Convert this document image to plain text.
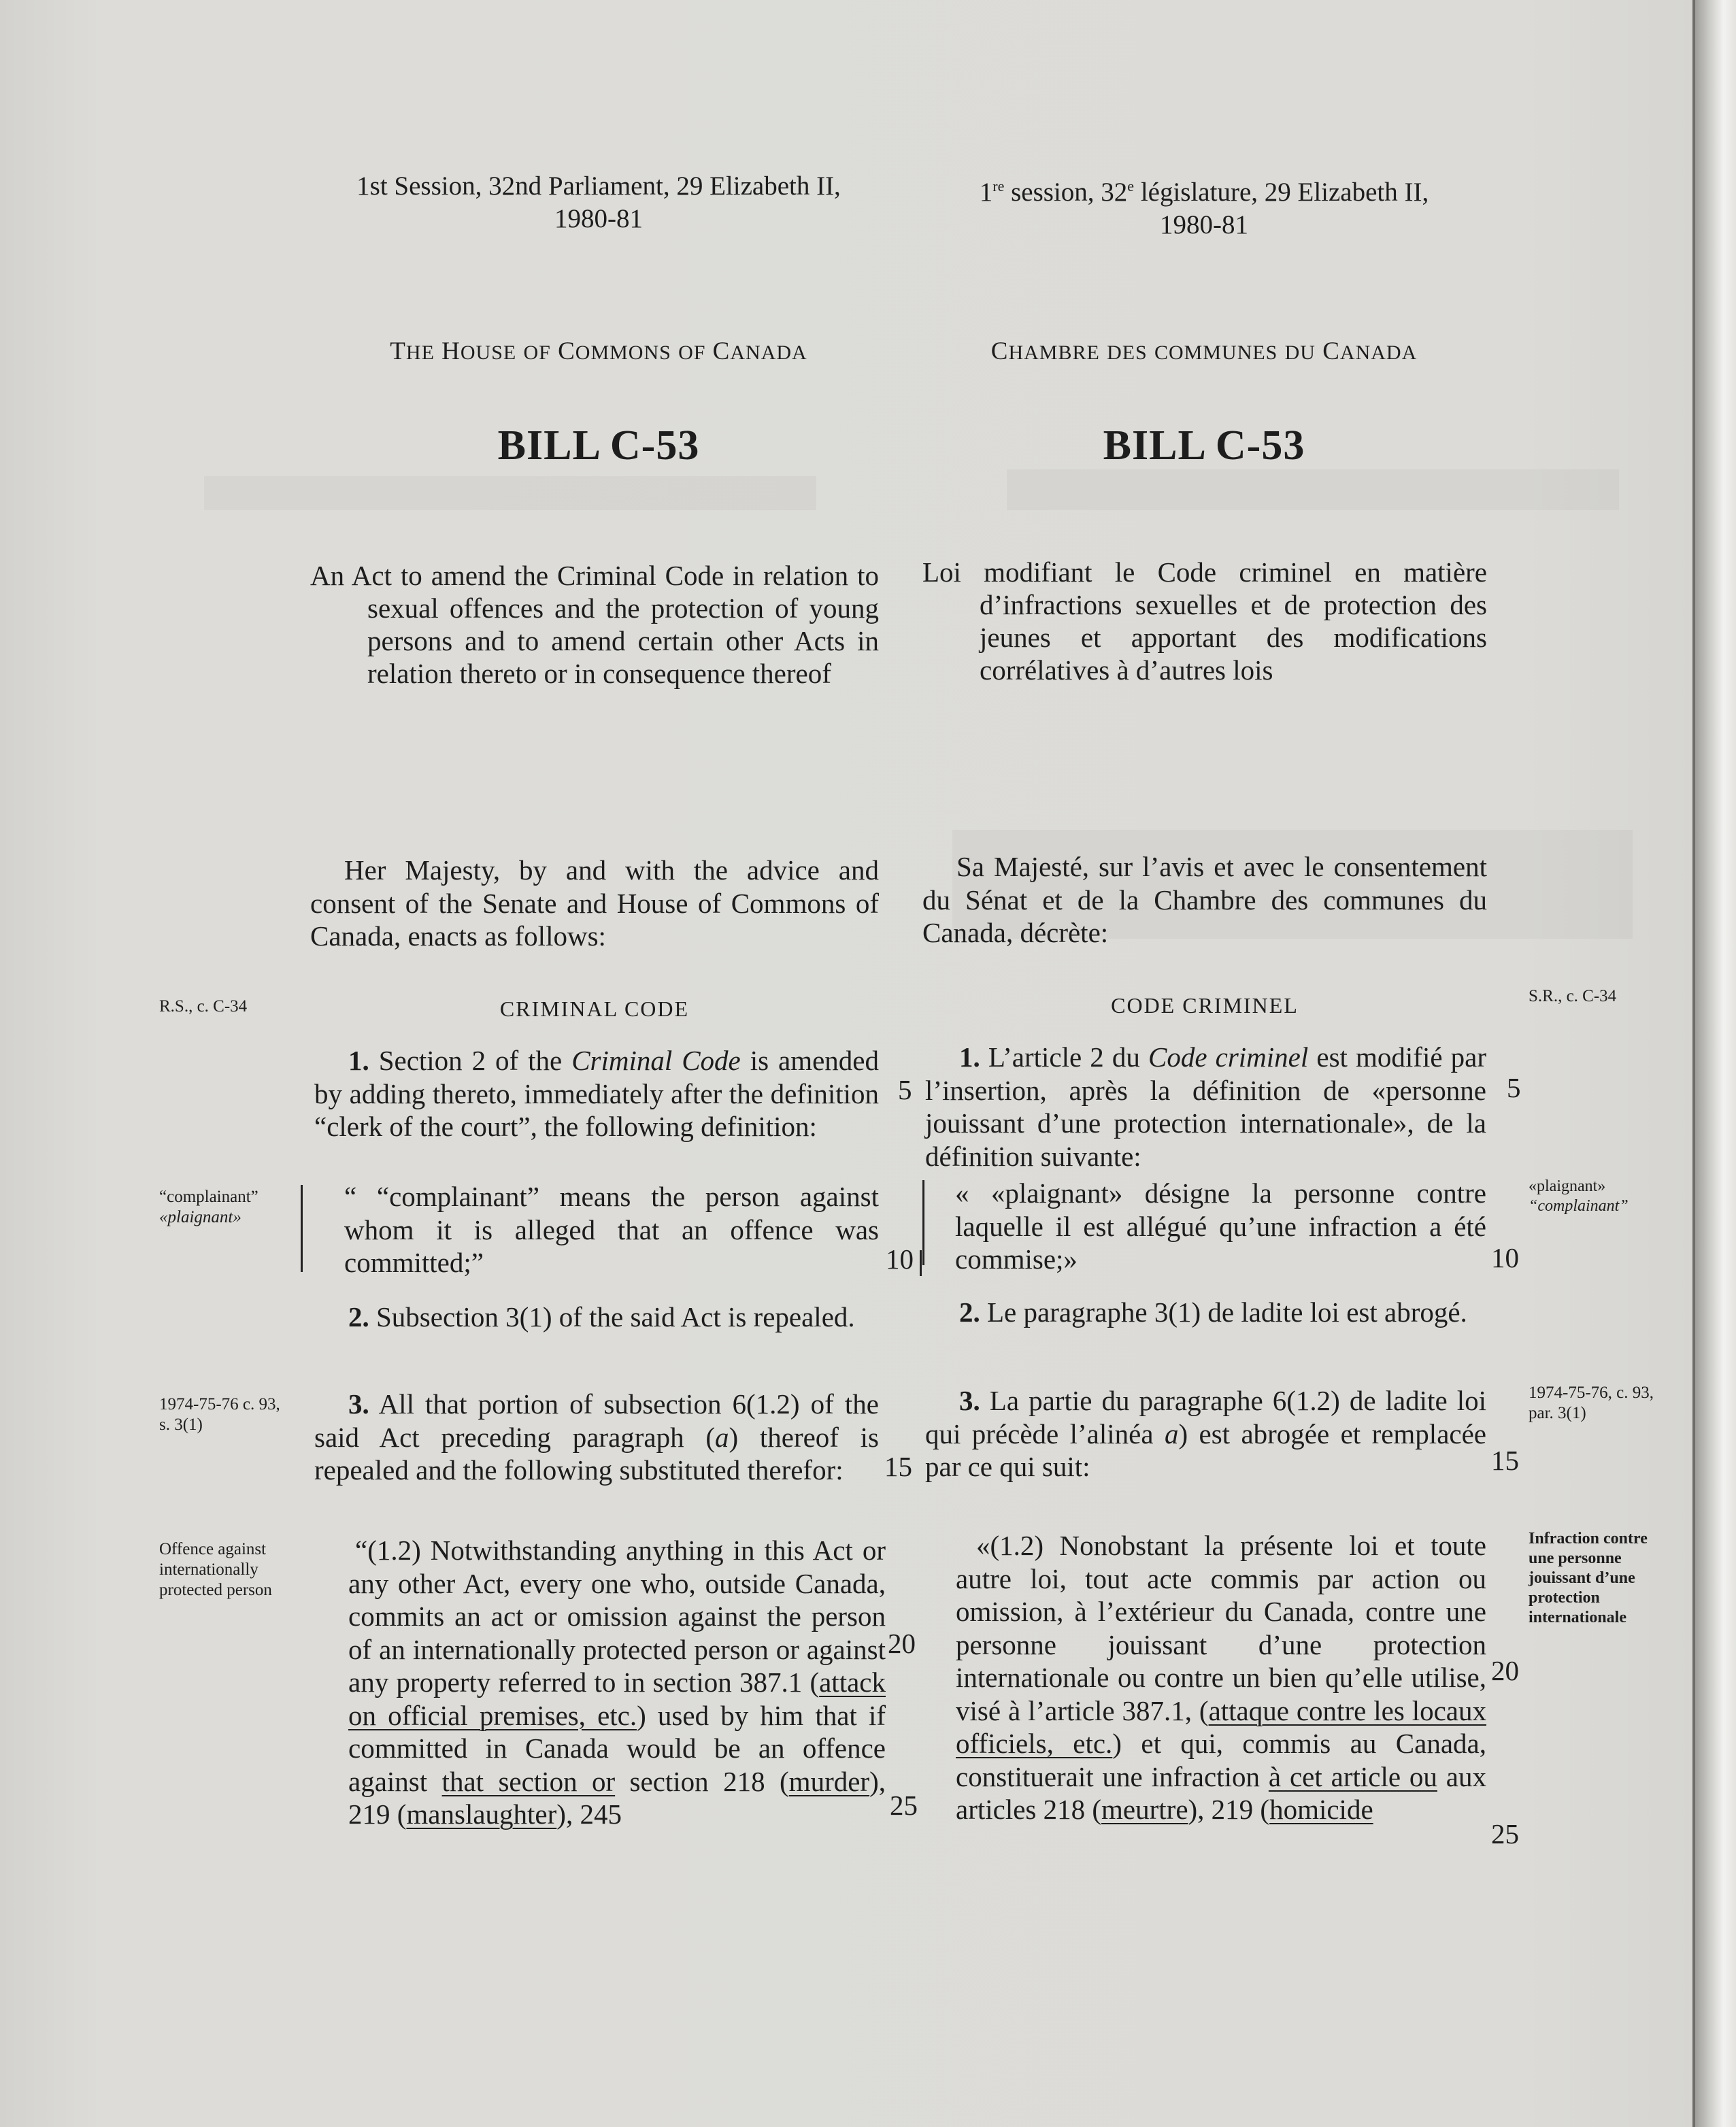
1st Session, 32nd Parliament, 29 Elizabeth II,
1980-81
1re session, 32e législature, 29 Elizabeth II,
1980-81
THE HOUSE OF COMMONS OF CANADA	CHAMBRE DES COMMUNES DU CANADA
BILL C-53	BILL C-53
An Act to amend the Criminal Code in relation to sexual offences and the protection of young persons and to amend certain other Acts in relation thereto or in consequence thereof
Loi modifiant le Code criminel en matière d’infractions sexuelles et de protection des jeunes et apportant des modifications corrélatives à d’autres lois
Her Majesty, by and with the advice and consent of the Senate and House of Commons of Canada, enacts as follows:
Sa Majesté, sur l’avis et avec le consentement du Sénat et de la Chambre des communes du Canada, décrète:
R.S., c. C-34
“complainant”
«plaignant»
1974-75-76 c. 93, s. 3(1)
Offence against internationally protected person
S.R., c. C-34
«plaignant»
“complainant”
1974-75-76, c. 93, par. 3(1)
Infraction contre une personne jouissant d’une protection internationale
CRIMINAL CODE	CODE CRIMINEL
1. Section 2 of the Criminal Code is amended by adding thereto, immediately after the definition “clerk of the court”, the following definition:
“ “complainant” means the person against whom it is alleged that an offence was committed;”
2. Subsection 3(1) of the said Act is repealed.
3. All that portion of subsection 6(1.2) of the said Act preceding paragraph (a) thereof is repealed and the following substituted therefor:
“(1.2) Notwithstanding anything in this Act or any other Act, every one who, outside Canada, commits an act or omission against the person of an internationally protected person or against any property referred to in section 387.1 (attack on official premises, etc.) used by him that if committed in Canada would be an offence against that section or section 218 (murder), 219 (manslaughter), 245
1. L’article 2 du Code criminel est modifié par l’insertion, après la définition de «personne jouissant d’une protection internationale», de la définition suivante:
« «plaignant» désigne la personne contre laquelle il est allégué qu’une infraction a été commise;»
2. Le paragraphe 3(1) de ladite loi est abrogé.
3. La partie du paragraphe 6(1.2) de ladite loi qui précède l’alinéa a) est abrogée et remplacée par ce qui suit:
«(1.2) Nonobstant la présente loi et toute autre loi, tout acte commis par action ou omission, à l’extérieur du Canada, contre une personne jouissant d’une protection internationale ou contre un bien qu’elle utilise, visé à l’article 387.1, (attaque contre les locaux officiels, etc.) et qui, commis au Canada, constituerait une infraction à cet article ou aux articles 218 (meurtre), 219 (homicide
5
10
15
20
25
5
10
15
20
25
